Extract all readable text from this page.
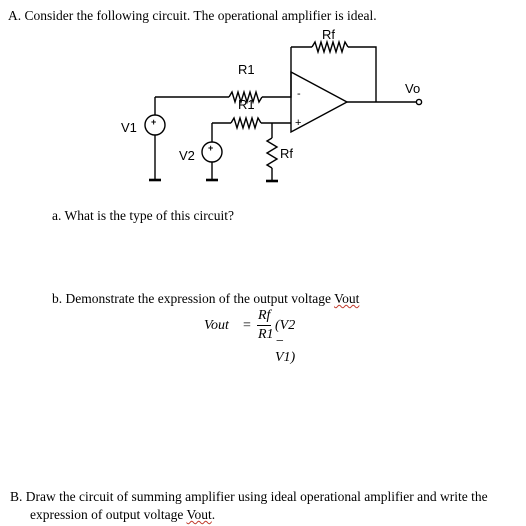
A. Consider the following circuit. The operational amplifier is ideal.
Rf
R1
R1
Rf
V1
V2
Vo
-
+
+
+
a. What is the type of this circuit?
b. Demonstrate the expression of the output voltage Vout
Vout =
Rf
R1
(V2 − V1)
B. Draw the circuit of summing amplifier using ideal operational amplifier and write the
expression of output voltage Vout.
